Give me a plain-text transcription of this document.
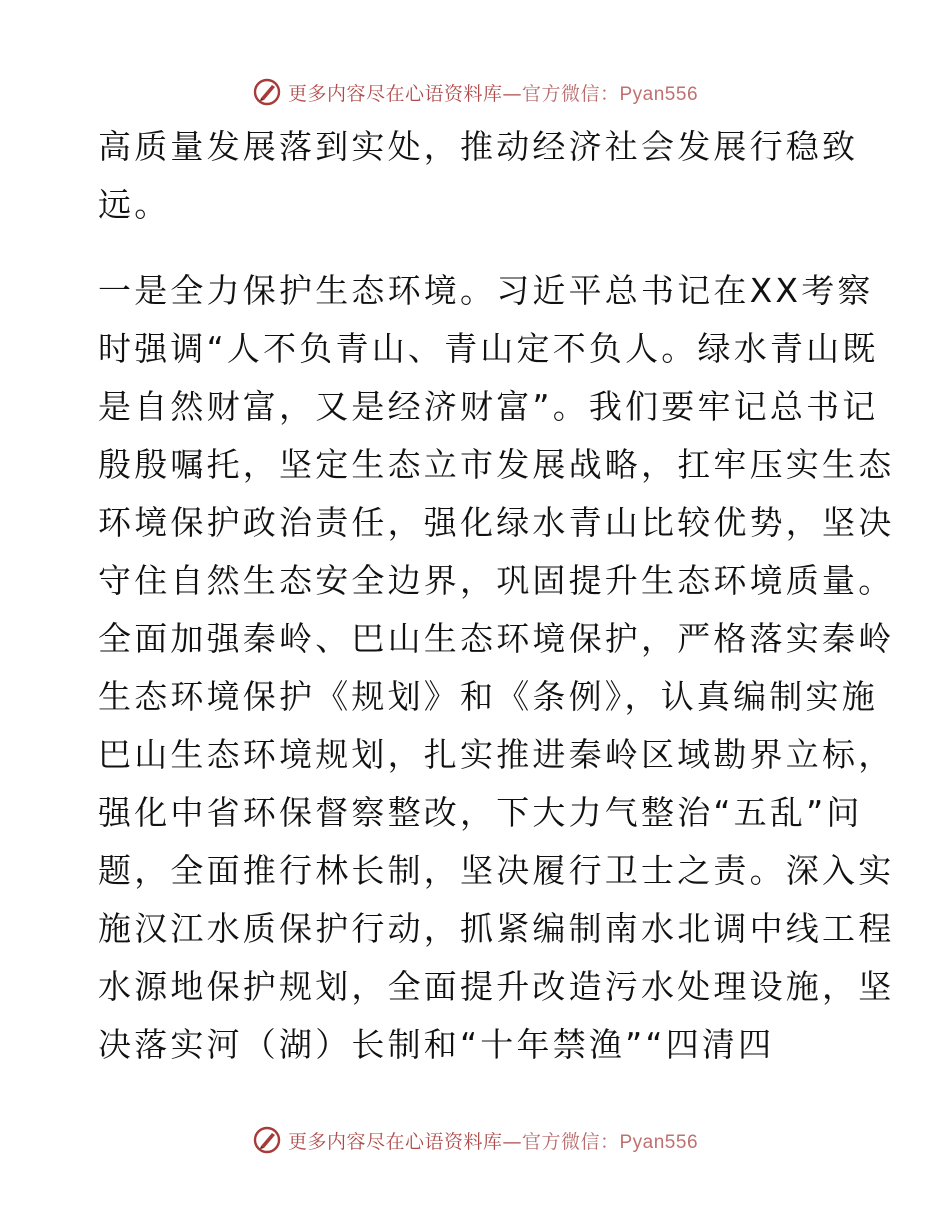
更多内容尽在心语资料库—官方微信：Pyan556
高质量发展落到实处，推动经济社会发展行稳致
远。
一是全力保护生态环境。习近平总书记在XX考察
时强调“人不负青山、青山定不负人。绿水青山既
是自然财富，又是经济财富”。我们要牢记总书记
殷殷嘱托，坚定生态立市发展战略，扛牢压实生态
环境保护政治责任，强化绿水青山比较优势，坚决
守住自然生态安全边界，巩固提升生态环境质量。
全面加强秦岭、巴山生态环境保护，严格落实秦岭
生态环境保护《规划》和《条例》，认真编制实施
巴山生态环境规划，扎实推进秦岭区域勘界立标，
强化中省环保督察整改，下大力气整治“五乱”问
题，全面推行林长制，坚决履行卫士之责。深入实
施汉江水质保护行动，抓紧编制南水北调中线工程
水源地保护规划，全面提升改造污水处理设施，坚
决落实河（湖）长制和“十年禁渔”“四清四
更多内容尽在心语资料库—官方微信：Pyan556
